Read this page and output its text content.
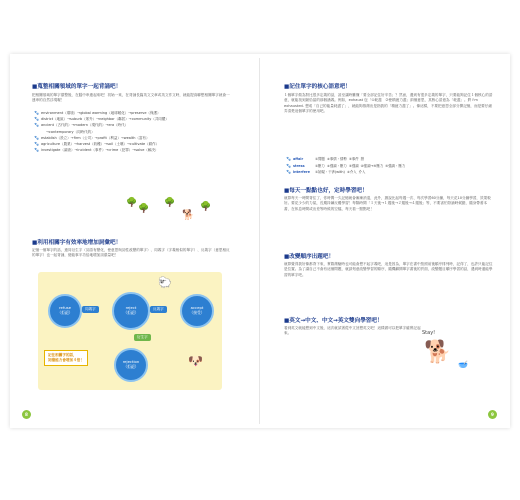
■蒐整相關領域的單字一起背誦吧！
把相關領域的單字彙整後，在腦中串連起來吧！初始一來，在背誦長篇英文文章或英文作文時，就能提高聯想相關單字就會一連串的自然浮現喔！
🐾 environment（環境）→global warming（地球暖化）→preserve（保護）
🐾 district（地區）→suburb（郊外）→neighbor（鄰居）→community（共同體）
🐾 ancient（古代的）→modern（現代的）→era（時代）
→contemporary（同時代的）
🐾 establish（設立）→firm（公司）→profit（利益）→wealth（富有）
🐾 agriculture（農業）→harvest（收穫）→soil（土壤）→cultivate（耕作）
🐾 investigate（調查）→incident（事件）→crime（犯罪）→solve（解決）
🌳
🌳
🌳	🌳
🐕
■利用相關字有效率地增加詞彙吧！
記憶一個單字的話，連同衍生字（詞語有變化，使意思與詞性改變的單字）、同義字（字義相似的單字）、反義字（意思相反的單字）也一起背誦，便能事半功倍地增加詞彙量吧！
refuse
（拒絕）
reject
（拒絕）
accept
（接受）
rejection
（拒絕）
同義字	反義字
衍生字
記住相關字的話，
詞彙能力會增加４倍！
🐑
🐶
8
■記住單字的核心語意吧！
１個單字做為對比很多定義的話，甚至讓時難懂「要全部記住好辛苦」？然而，遇到有很多定義的單字，只要能夠記住１個核心的語意，就能找到最恰當的那個涵義。例如，exhaust 包「①耗盡　②使精疲力盡」兩個意思，其核心語意為「耗盡」。將 I'm exhausted. 想成「自己的能量耗盡了」，就能夠推測出是指我的「精疲力盡了」。像這樣，不要把意思全部分開記憶，而是要仔細弄清楚這個單字的使用吧。
🐾 affair	①問題 ②事情・情勢 ③事件 戀
🐾 stress	①壓力 ②強調・壓力 ③強調 ④強調→⑤壓力 ③強調・壓力
🐾 interfere	①妨礙・干涉(with) ②介入 介入
■每天一點點也好，定時學習吧！
就算每天一時間背住了，你時間一久記憶就會漸漸消退，此外，據說比起每週一次、每次學習60分鐘，每天花10分鐘學習，效果較好。要花少少的力氣，長期持續反覆學習！每隔時間「１天後→１週後→２週後→４週後」等，不要害怕背誦時候錯，隨身帶著本書，在休息時間或出差等時候的空檔，每天看一點點吧！
■改變順序出題吧！
就算覺得我好像都背下來，實際測驗時也可能會想不起字義吧，這是因為，單字在書中按照前後順序排列時，記得了，也許只能記住是位置。為了讓自己不會有這個問題，就請刻意改變學習的順序，隨機翻開單字書後的頁面，改變題目順序學習的話，遇到時還能學習的單字吧。
■英文→中文、中文→英文雙向學習吧！
看到英文就能想到中文後，這次就試著從中文回想英文吧！這樣做可以把單字確實記起來。	Stay!
🐕 🥣
9
